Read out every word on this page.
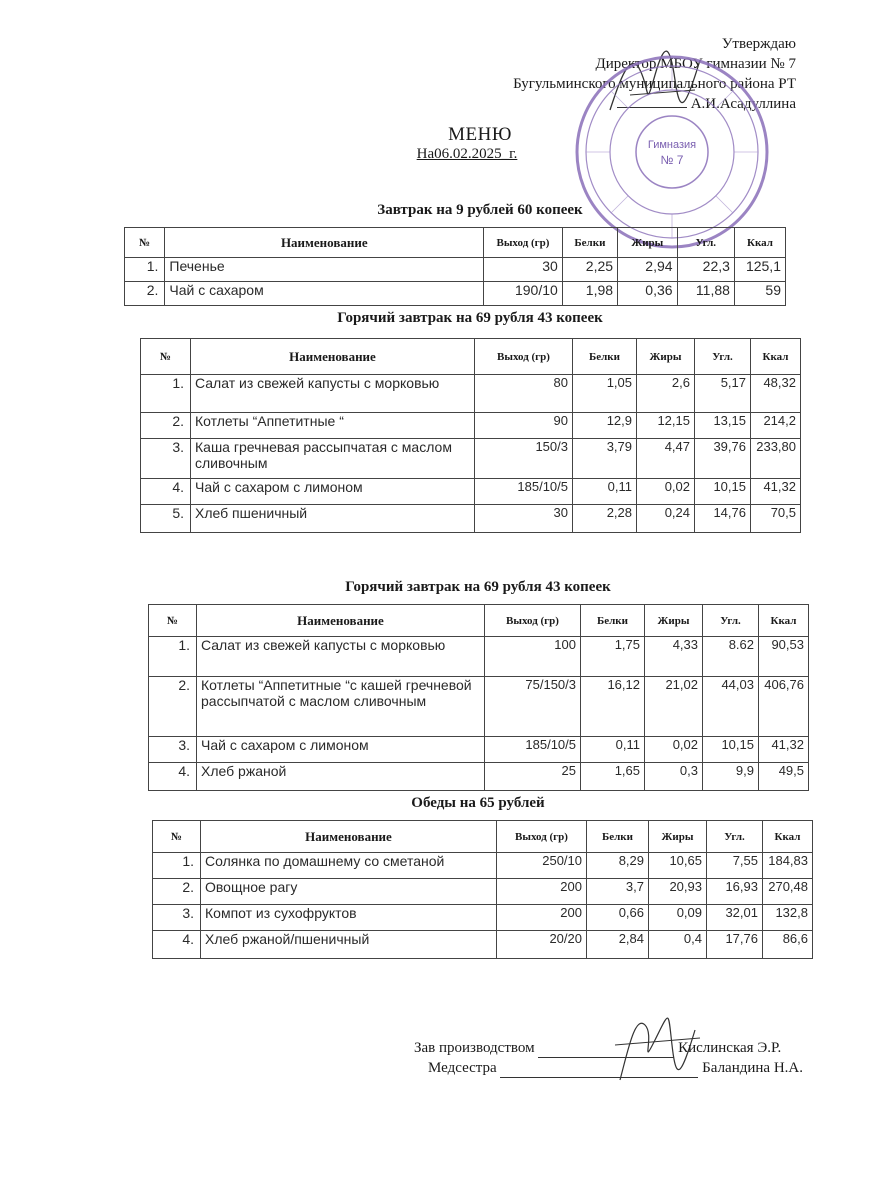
Утверждаю
Директор МБОУ гимназии № 7
Бугульминского муниципального района РТ
А.И.Асадуллина
Гимназия
№ 7
МЕНЮ
На06.02.2025_г.
Завтрак на 9 рублей 60 копеек
№	Наименование	Выход (гр)	Белки	Жиры	Угл.	Ккал
1.	Печенье	30	2,25	2,94	22,3	125,1
2.	Чай с сахаром	190/10	1,98	0,36	11,88	59
Горячий завтрак на 69 рубля 43 копеек
№	Наименование	Выход (гр)	Белки	Жиры	Угл.	Ккал
1.	Салат из свежей капусты с морковью	80	1,05	2,6	5,17	48,32
2.	Котлеты “Аппетитные “	90	12,9	12,15	13,15	214,2
3.	Каша гречневая рассыпчатая с маслом сливочным	150/3	3,79	4,47	39,76	233,80
4.	Чай с сахаром с лимоном	185/10/5	0,11	0,02	10,15	41,32
5.	Хлеб пшеничный	30	2,28	0,24	14,76	70,5
Горячий завтрак на 69 рубля 43 копеек
№	Наименование	Выход (гр)	Белки	Жиры	Угл.	Ккал
1.	Салат из свежей капусты с морковью	100	1,75	4,33	8.62	90,53
2.	Котлеты “Аппетитные “с кашей гречневой рассыпчатой с маслом сливочным	75/150/3	16,12	21,02	44,03	406,76
3.	Чай с сахаром с лимоном	185/10/5	0,11	0,02	10,15	41,32
4.	Хлеб ржаной	25	1,65	0,3	9,9	49,5
Обеды на 65 рублей
№	Наименование	Выход (гр)	Белки	Жиры	Угл.	Ккал
1.	Солянка по домашнему со сметаной	250/10	8,29	10,65	7,55	184,83
2.	Овощное рагу	200	3,7	20,93	16,93	270,48
3.	Компот из сухофруктов	200	0,66	0,09	32,01	132,8
4.	Хлеб ржаной/пшеничный	20/20	2,84	0,4	17,76	86,6
Зав производством	Кислинская Э.Р.
Медсестра	Баландина Н.А.
